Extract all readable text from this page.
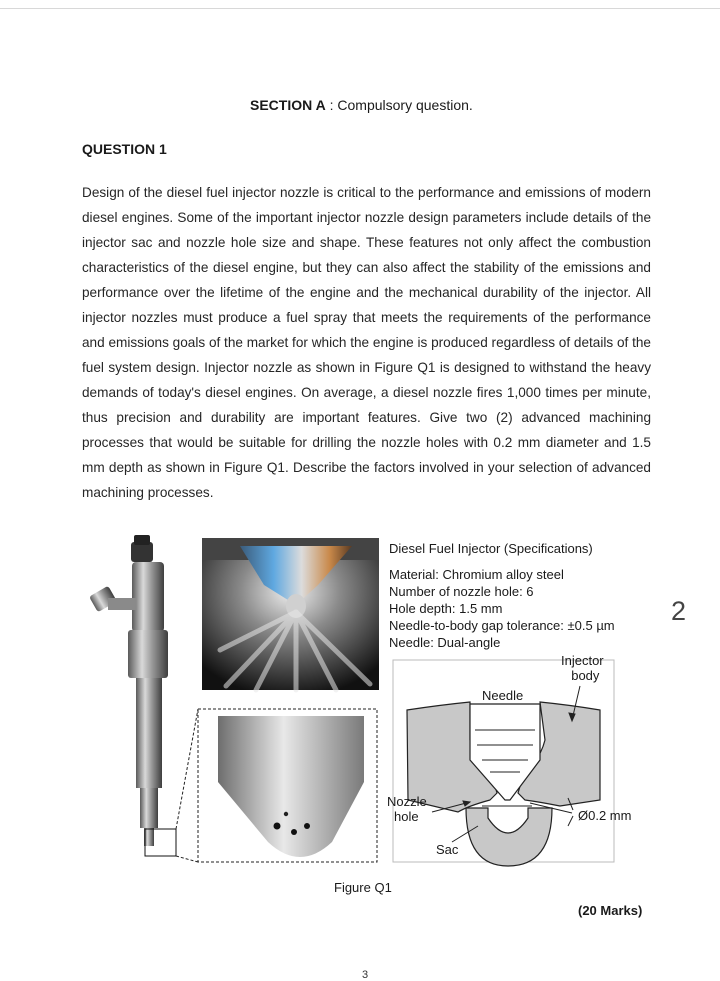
SECTION A : Compulsory question.
QUESTION 1
Design of the diesel fuel injector nozzle is critical to the performance and emissions of modern diesel engines. Some of the important injector nozzle design parameters include details of the injector sac and nozzle hole size and shape. These features not only affect the combustion characteristics of the diesel engine, but they can also affect the stability of the emissions and performance over the lifetime of the engine and the mechanical durability of the injector. All injector nozzles must produce a fuel spray that meets the requirements of the performance and emissions goals of the market for which the engine is produced regardless of details of the fuel system design. Injector nozzle as shown in Figure Q1 is designed to withstand the heavy demands of today's diesel engines. On average, a diesel nozzle fires 1,000 times per minute, thus precision and durability are important features. Give two (2) advanced machining processes that would be suitable for drilling the nozzle holes with 0.2 mm diameter and 1.5 mm depth as shown in Figure Q1. Describe the factors involved in your selection of advanced machining processes.
2
Diesel Fuel Injector (Specifications)
Material: Chromium alloy steel
Number of nozzle hole: 6
Hole depth: 1.5 mm
Needle-to-body gap tolerance: ±0.5 µm
Needle: Dual-angle
Injector
body
Needle
Nozzle
hole	Ø0.2 mm
Sac
Figure Q1
(20 Marks)
3
